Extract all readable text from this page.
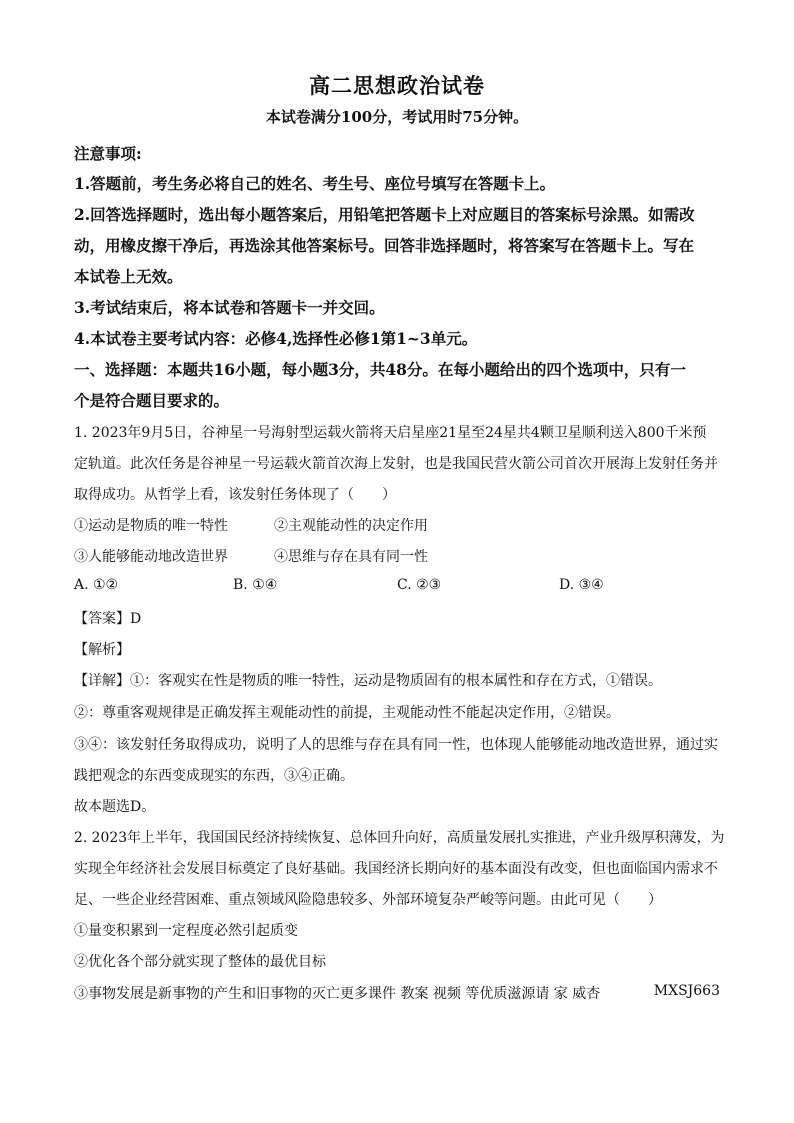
高二思想政治试卷
本试卷满分100分，考试用时75分钟。
注意事项:
1.答题前，考生务必将自己的姓名、考生号、座位号填写在答题卡上。
2.回答选择题时，选出每小题答案后，用铅笔把答题卡上对应题目的答案标号涂黑。如需改
动，用橡皮擦干净后，再选涂其他答案标号。回答非选择题时，将答案写在答题卡上。写在
本试卷上无效。
3.考试结束后，将本试卷和答题卡一并交回。
4.本试卷主要考试内容：必修4,选择性必修1第1~3单元。
一、选择题：本题共16小题，每小题3分，共48分。在每小题给出的四个选项中，只有一
个是符合题目要求的。
1. 2023年9月5日，谷神星一号海射型运载火箭将天启星座21星至24星共4颗卫星顺利送入800千米预
定轨道。此次任务是谷神星一号运载火箭首次海上发射，也是我国民营火箭公司首次开展海上发射任务并
取得成功。从哲学上看，该发射任务体现了（　　）
①运动是物质的唯一特性	②主观能动性的决定作用
③人能够能动地改造世界	④思维与存在具有同一性
A. ①②	B. ①④	C. ②③	D. ③④
【答案】D
【解析】
【详解】①：客观实在性是物质的唯一特性，运动是物质固有的根本属性和存在方式，①错误。
②：尊重客观规律是正确发挥主观能动性的前提，主观能动性不能起决定作用，②错误。
③④：该发射任务取得成功，说明了人的思维与存在具有同一性，也体现人能够能动地改造世界，通过实
践把观念的东西变成现实的东西，③④正确。
故本题选D。
2. 2023年上半年，我国国民经济持续恢复、总体回升向好，高质量发展扎实推进，产业升级厚积薄发，为
实现全年经济社会发展目标奠定了良好基础。我国经济长期向好的基本面没有改变，但也面临国内需求不
足、一些企业经营困难、重点领域风险隐患较多、外部环境复杂严峻等问题。由此可见（　　）
①量变积累到一定程度必然引起质变
②优化各个部分就实现了整体的最优目标
③事物发展是新事物的产生和旧事物的灭亡更多课件 教案 视频 等优质滋源请 家 威杏	MXSJ663
